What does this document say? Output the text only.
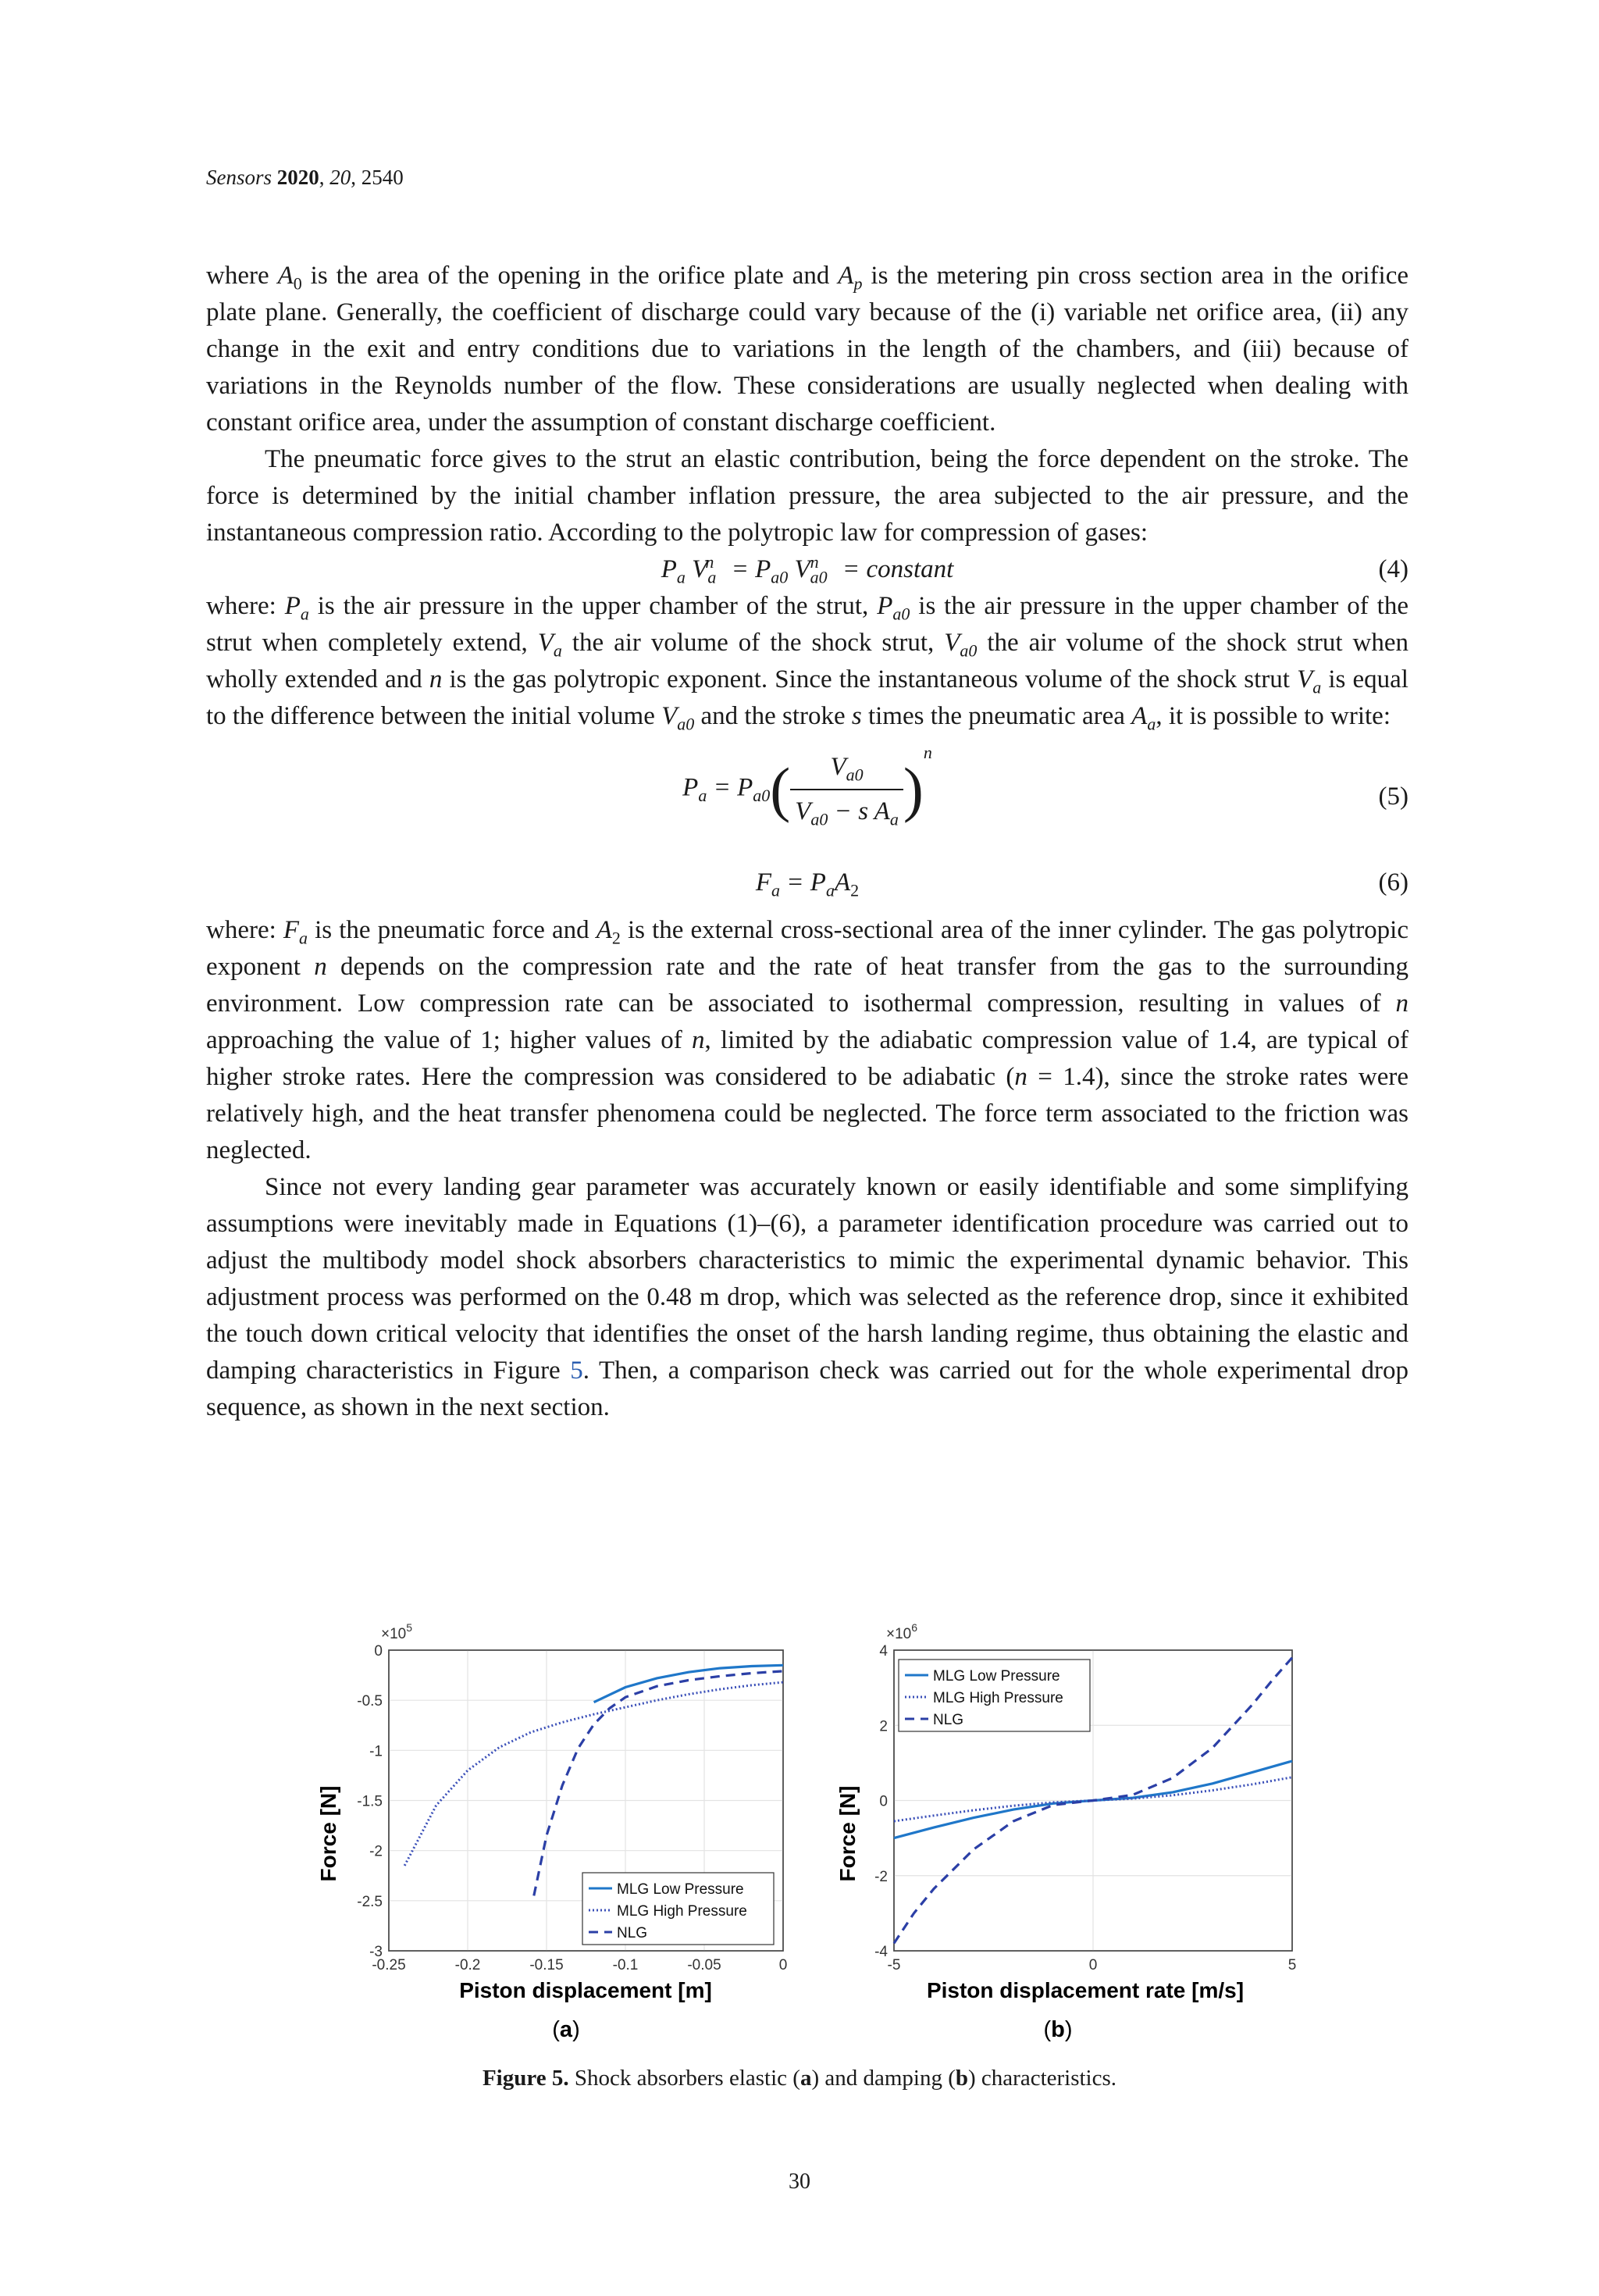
Sensors 2020, 20, 2540

where $A_0$ is the area of the opening in the orifice plate and $A_p$ is the metering pin cross section area in the orifice plate plane. Generally, the coefficient of discharge could vary because of the (i) variable net orifice area, (ii) any change in the exit and entry conditions due to variations in the length of the chambers, and (iii) because of variations in the Reynolds number of the flow. These considerations are usually neglected when dealing with constant orifice area, under the assumption of constant discharge coefficient.

The pneumatic force gives to the strut an elastic contribution, being the force dependent on the stroke. The force is determined by the initial chamber inflation pressure, the area subjected to the air pressure, and the instantaneous compression ratio. According to the polytropic law for compression of gases:

$P_a$ $V_a^n = P_{a0}$ $V_{a0}^n$ = constant	(4)

where: $P_a$ is the air pressure in the upper chamber of the strut, $P_{a0}$ is the air pressure in the upper chamber of the strut when completely extend, $V_a$ the air volume of the shock strut, $V_{a0}$ the air volume of the shock strut when wholly extended and n is the gas polytropic exponent. Since the instantaneous volume of the shock strut $V_a$ is equal to the difference between the initial volume $V_{a0}$ and the stroke s times the pneumatic area $A_a$, it is possible to write:

$P_a = P_{a0}( \frac{V_{a0}}{V_{a0} - s A_a} )^n$
(5)
$F_a = P_aA_2$	(6)

where: $F_a$ is the pneumatic force and $A_2$ is the external cross-sectional area of the inner cylinder. The gas polytropic exponent n depends on the compression rate and the rate of heat transfer from the gas to the surrounding environment. Low compression rate can be associated to isothermal compression, resulting in values of n approaching the value of 1; higher values of n, limited by the adiabatic compression value of 1.4, are typical of higher stroke rates. Here the compression was considered to be adiabatic (n = 1.4), since the stroke rates were relatively high, and the heat transfer phenomena could be neglected. The force term associated to the friction was neglected.

Since not every landing gear parameter was accurately known or easily identifiable and some simplifying assumptions were inevitably made in Equations (1)–(6), a parameter identification procedure was carried out to adjust the multibody model shock absorbers characteristics to mimic the experimental dynamic behavior. This adjustment process was performed on the 0.48 m drop, which was selected as the reference drop, since it exhibited the touch down critical velocity that identifies the onset of the harsh landing regime, thus obtaining the elastic and damping characteristics in Figure 5. Then, a comparison check was carried out for the whole experimental drop sequence, as shown in the next section.

$\times 10^5$
Force [N]
Piston displacement [m]
(a)
-0.25	-0.2	-0.15	-0.1	-0.05	0
0
-0.5
-1
-1.5
-2
-2.5
-3
MLG Low Pressure
MLG High Pressure
NLG
$\times 10^6$
Force [N]
Piston displacement rate [m/s]
(b)
-5	0	5
4
2
0
-2
-4
MLG Low Pressure
MLG High Pressure
NLG
Figure 5. Shock absorbers elastic (a) and damping (b) characteristics.
30
